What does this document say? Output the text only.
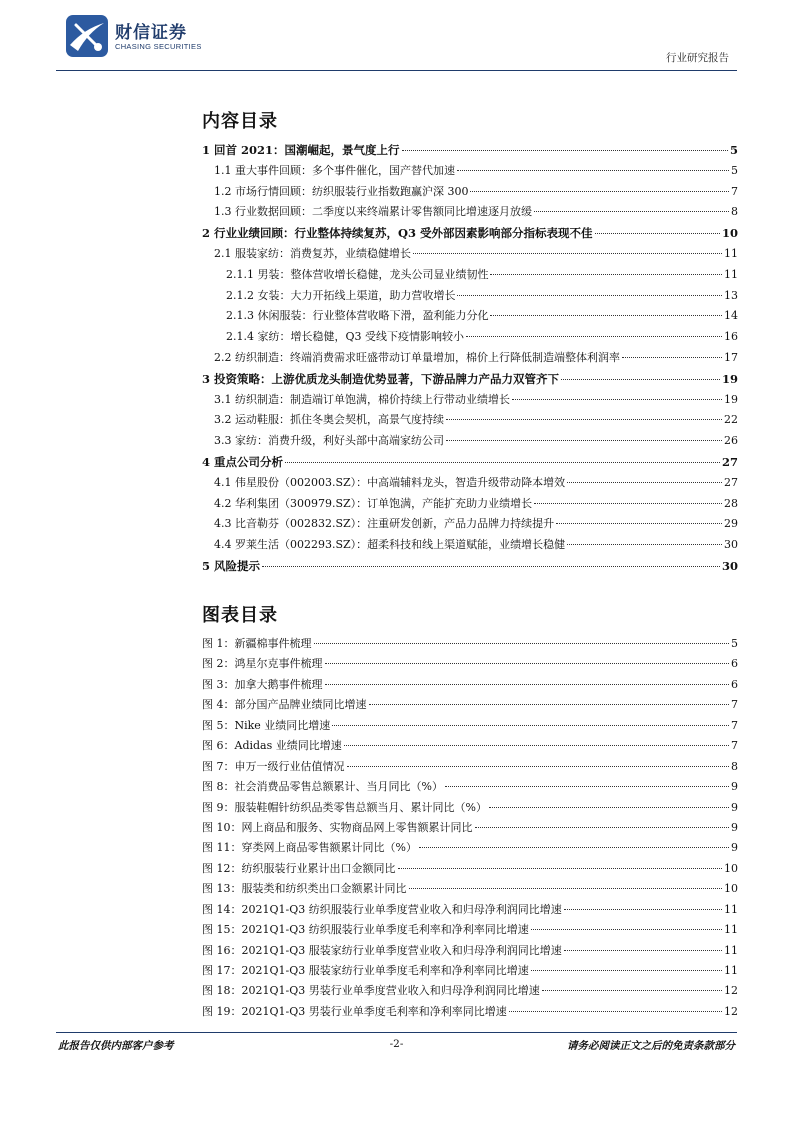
财信证券
CHASING SECURITIES
行业研究报告
内容目录
1 回首 2021：国潮崛起，景气度上行	5
1.1 重大事件回顾：多个事件催化，国产替代加速	5
1.2 市场行情回顾：纺织服装行业指数跑赢沪深 300	7
1.3 行业数据回顾：二季度以来终端累计零售额同比增速逐月放缓	8
2 行业业绩回顾：行业整体持续复苏，Q3 受外部因素影响部分指标表现不佳	10
2.1 服装家纺：消费复苏，业绩稳健增长	11
2.1.1 男装：整体营收增长稳健，龙头公司显业绩韧性	11
2.1.2 女装：大力开拓线上渠道，助力营收增长	13
2.1.3 休闲服装：行业整体营收略下滑，盈利能力分化	14
2.1.4 家纺：增长稳健，Q3 受线下疫情影响较小	16
2.2 纺织制造：终端消费需求旺盛带动订单量增加，棉价上行降低制造端整体利润率	17
3 投资策略：上游优质龙头制造优势显著，下游品牌力产品力双管齐下	19
3.1 纺织制造：制造端订单饱满，棉价持续上行带动业绩增长	19
3.2 运动鞋服：抓住冬奥会契机，高景气度持续	22
3.3 家纺：消费升级，利好头部中高端家纺公司	26
4 重点公司分析	27
4.1 伟星股份（002003.SZ）：中高端辅料龙头，智造升级带动降本增效	27
4.2 华利集团（300979.SZ）：订单饱满，产能扩充助力业绩增长	28
4.3 比音勒芬（002832.SZ）：注重研发创新，产品力品牌力持续提升	29
4.4 罗莱生活（002293.SZ）：超柔科技和线上渠道赋能，业绩增长稳健	30
5 风险提示	30
图表目录
图 1：新疆棉事件梳理	5
图 2：鸿星尔克事件梳理	6
图 3：加拿大鹅事件梳理	6
图 4：部分国产品牌业绩同比增速	7
图 5：Nike 业绩同比增速	7
图 6：Adidas 业绩同比增速	7
图 7：申万一级行业估值情况	8
图 8：社会消费品零售总额累计、当月同比（%）	9
图 9：服装鞋帽针纺织品类零售总额当月、累计同比（%）	9
图 10：网上商品和服务、实物商品网上零售额累计同比	9
图 11：穿类网上商品零售额累计同比（%）	9
图 12：纺织服装行业累计出口金额同比	10
图 13：服装类和纺织类出口金额累计同比	10
图 14：2021Q1-Q3 纺织服装行业单季度营业收入和归母净利润同比增速	11
图 15：2021Q1-Q3 纺织服装行业单季度毛利率和净利率同比增速	11
图 16：2021Q1-Q3 服装家纺行业单季度营业收入和归母净利润同比增速	11
图 17：2021Q1-Q3 服装家纺行业单季度毛利率和净利率同比增速	11
图 18：2021Q1-Q3 男装行业单季度营业收入和归母净利润同比增速	12
图 19：2021Q1-Q3 男装行业单季度毛利率和净利率同比增速	12
此报告仅供内部客户参考	-2-	请务必阅读正文之后的免责条款部分
